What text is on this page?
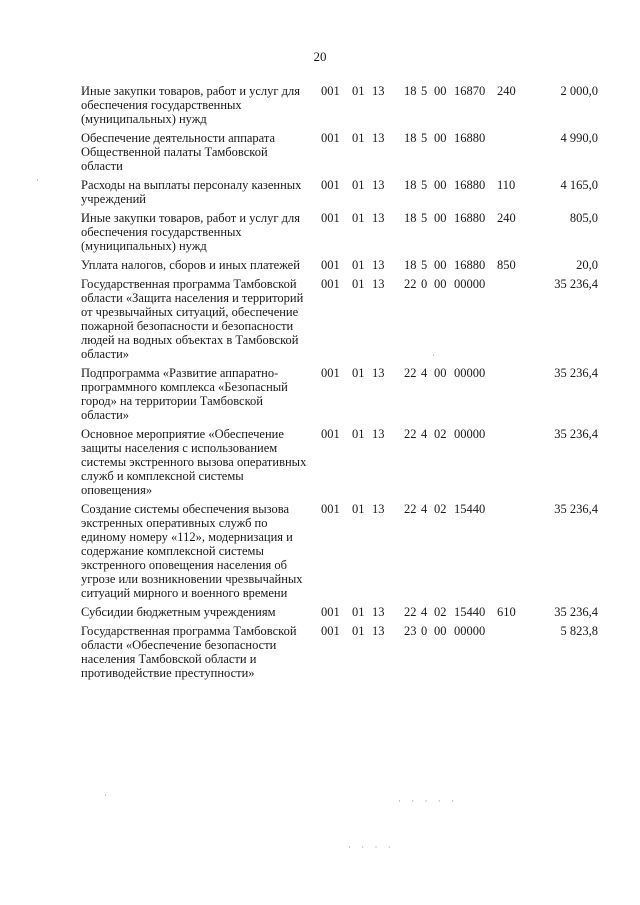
20
Иные закупки товаров, работ и услуг для обеспечения государственных (муниципальных) нужд
001 01 13 18 5 00 16870 240	2 000,0
Обеспечение деятельности аппарата Общественной палаты Тамбовской области
001 01 13 18 5 00 16880	4 990,0
Расходы на выплаты персоналу казенных учреждений
001 01 13 18 5 00 16880 110	4 165,0
Иные закупки товаров, работ и услуг для обеспечения государственных (муниципальных) нужд
001 01 13 18 5 00 16880 240	805,0
Уплата налогов, сборов и иных платежей	001 01 13 18 5 00 16880 850	20,0
Государственная программа Тамбовской области «Защита населения и территорий от чрезвычайных ситуаций, обеспечение пожарной безопасности и безопасности людей на водных объектах в Тамбовской области»
001 01 13 22 0 00 00000	35 236,4
Подпрограмма «Развитие аппаратно-программного комплекса «Безопасный город» на территории Тамбовской области»
001 01 13 22 4 00 00000	35 236,4
Основное мероприятие «Обеспечение защиты населения с использованием системы экстренного вызова оперативных служб и комплексной системы оповещения»
001 01 13 22 4 02 00000	35 236,4
Создание системы обеспечения вызова экстренных оперативных служб по единому номеру «112», модернизация и содержание комплексной системы экстренного оповещения населения об угрозе или возникновении чрезвычайных ситуаций мирного и военного времени
001 01 13 22 4 02 15440	35 236,4
Субсидии бюджетным учреждениям	001 01 13 22 4 02 15440 610	35 236,4
Государственная программа Тамбовской области «Обеспечение безопасности населения Тамбовской области и противодействие преступности»
001 01 13 23 0 00 00000	5 823,8
·
·
·
· · · · ·
· · · ·
